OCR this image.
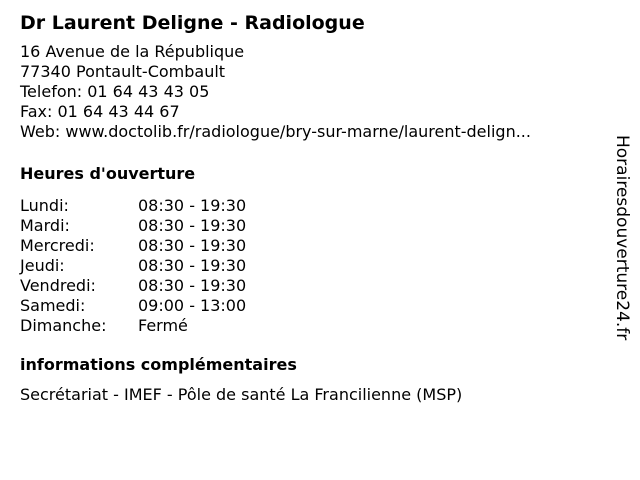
Dr Laurent Deligne - Radiologue
16 Avenue de la République
77340 Pontault-Combault
Telefon: 01 64 43 43 05
Fax: 01 64 43 44 67
Web: www.doctolib.fr/radiologue/bry-sur-marne/laurent-delign...
Heures d'ouverture
Lundi:	08:30 - 19:30
Mardi:	08:30 - 19:30
Mercredi:	08:30 - 19:30
Jeudi:	08:30 - 19:30
Vendredi:	08:30 - 19:30
Samedi:	09:00 - 13:00
Dimanche:	Fermé
informations complémentaires
Secrétariat - IMEF - Pôle de santé La Francilienne (MSP)
Horairesdouverture24.fr
